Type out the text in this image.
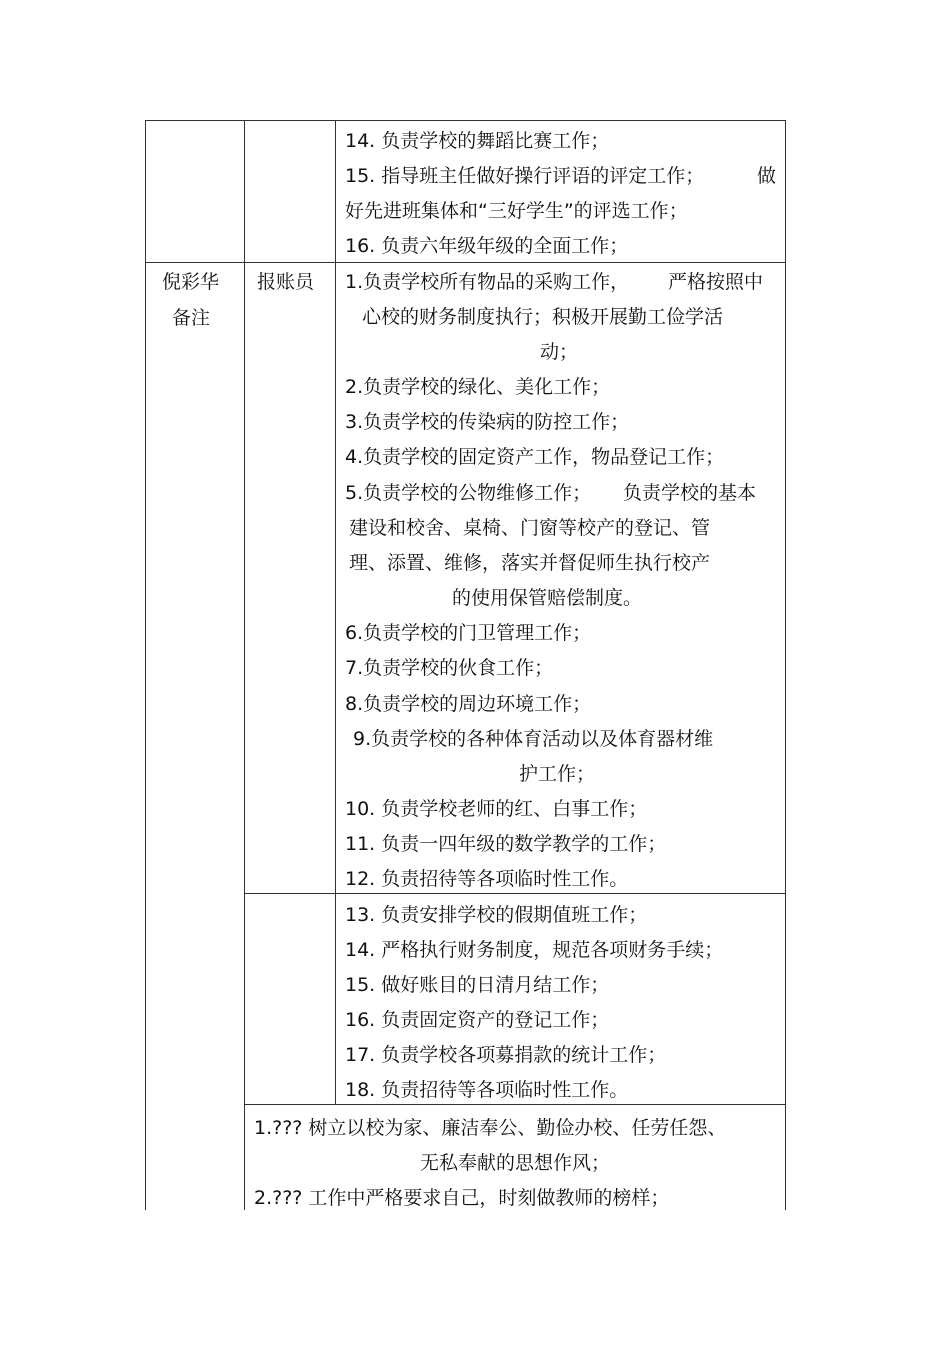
14. 负责学校的舞蹈比赛工作；
15. 指导班主任做好操行评语的评定工作；	做
好先进班集体和“三好学生”的评选工作；
16. 负责六年级年级的全面工作；
倪彩华
备注
报账员 1.负责学校所有物品的采购工作， 严格按照中
心校的财务制度执行；积极开展勤工俭学活
动；
2.负责学校的绿化、美化工作；
3.负责学校的传染病的防控工作；
4.负责学校的固定资产工作，物品登记工作；
5.负责学校的公物维修工作； 负责学校的基本
建设和校舍、桌椅、门窗等校产的登记、管
理、添置、维修，落实并督促师生执行校产
的使用保管赔偿制度。
6.负责学校的门卫管理工作；
7.负责学校的伙食工作；
8.负责学校的周边环境工作；
9.负责学校的各种体育活动以及体育器材维
护工作；
10. 负责学校老师的红、白事工作；
11. 负责一四年级的数学教学的工作；
12. 负责招待等各项临时性工作。
13. 负责安排学校的假期值班工作；
14. 严格执行财务制度，规范各项财务手续；
15. 做好账目的日清月结工作；
16. 负责固定资产的登记工作；
17. 负责学校各项募捐款的统计工作；
18. 负责招待等各项临时性工作。
1.??? 树立以校为家、廉洁奉公、勤俭办校、任劳任怨、
无私奉献的思想作风；
2.??? 工作中严格要求自己，时刻做教师的榜样；
